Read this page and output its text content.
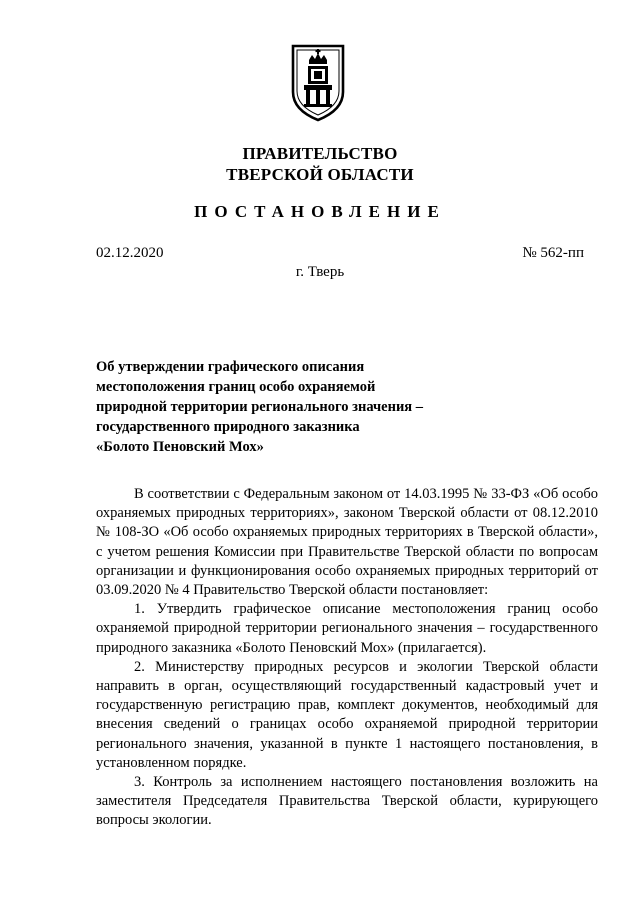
ПРАВИТЕЛЬСТВО
ТВЕРСКОЙ ОБЛАСТИ
ПОСТАНОВЛЕНИЕ
02.12.2020	№ 562-пп
г. Тверь
Об утверждении графического описания
местоположения границ особо охраняемой
природной территории регионального значения –
государственного природного заказника
«Болото Пеновский Мох»

В соответствии с Федеральным законом от 14.03.1995 № 33-ФЗ «Об особо охраняемых природных территориях», законом Тверской области от 08.12.2010 № 108-ЗО «Об особо охраняемых природных территориях в Тверской области», с учетом решения Комиссии при Правительстве Тверской области по вопросам организации и функционирования особо охраняемых природных территорий от 03.09.2020 № 4 Правительство Тверской области постановляет:

1. Утвердить графическое описание местоположения границ особо охраняемой природной территории регионального значения – государственного природного заказника «Болото Пеновский Мох» (прилагается).

2. Министерству природных ресурсов и экологии Тверской области направить в орган, осуществляющий государственный кадастровый учет и государственную регистрацию прав, комплект документов, необходимый для внесения сведений о границах особо охраняемой природной территории регионального значения, указанной в пункте 1 настоящего постановления, в установленном порядке.

3. Контроль за исполнением настоящего постановления возложить на заместителя Председателя Правительства Тверской области, курирующего вопросы экологии.
